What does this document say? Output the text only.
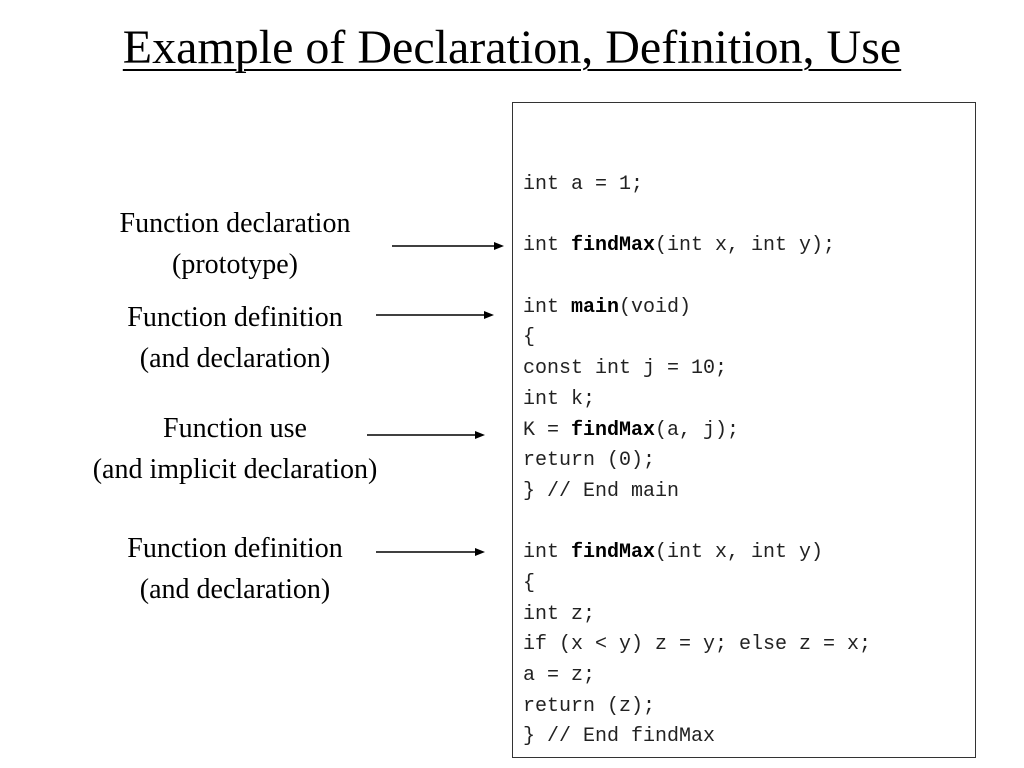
Example of Declaration, Definition, Use
Function declaration
(prototype)
Function definition
(and declaration)
Function use
(and implicit declaration)
Function definition
(and declaration)
int a = 1;
int findMax(int x, int y);
int main(void)
{
const int j = 10;
int k;
K = findMax(a, j);
return (0);
} // End main
int findMax(int x, int y)
{
int z;
if (x < y) z = y; else z = x;
a = z;
return (z);
} // End findMax
